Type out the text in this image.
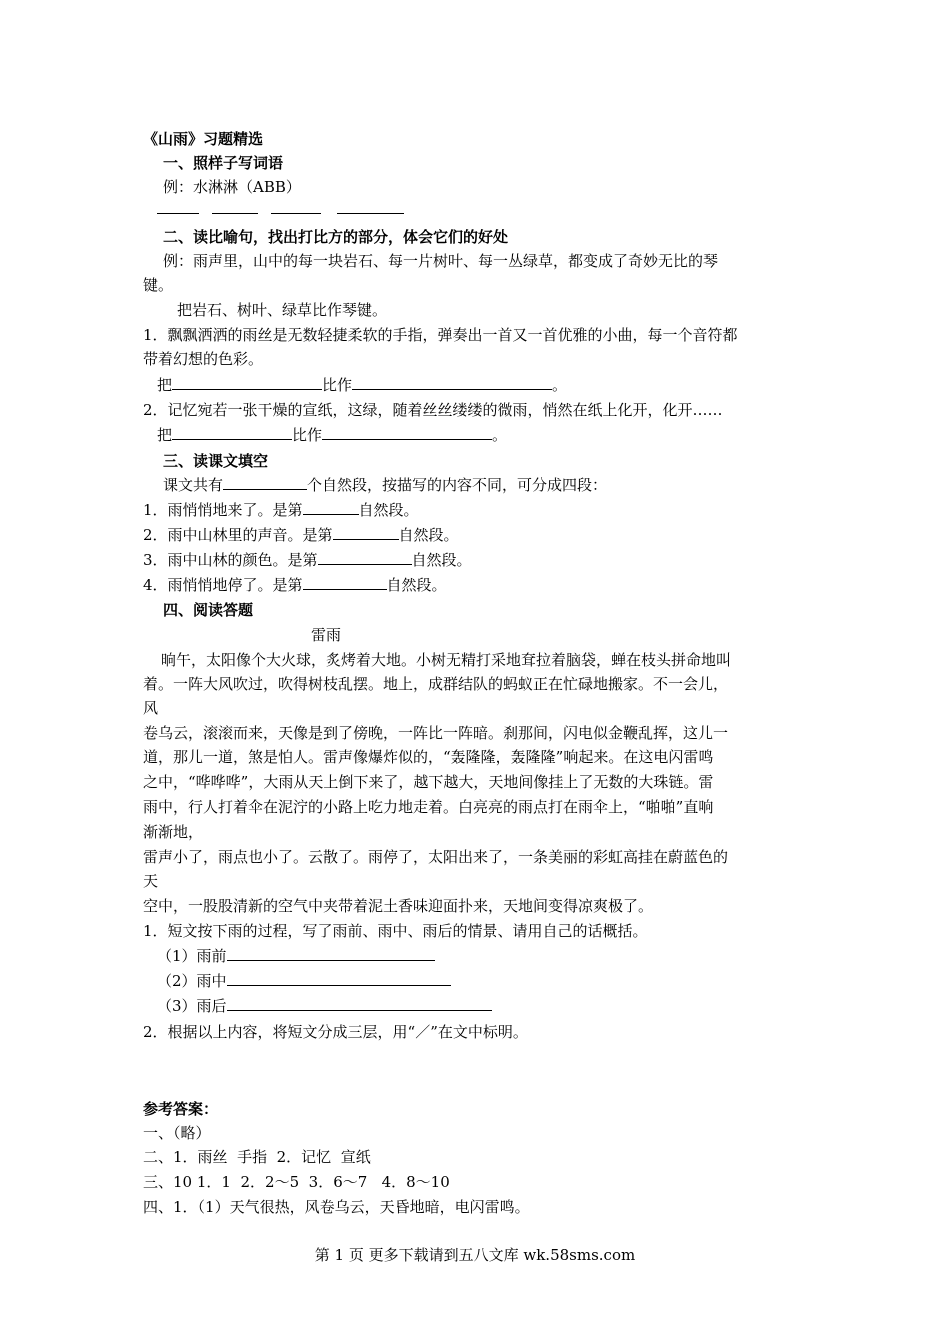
《山雨》习题精选
一、照样子写词语
例：水淋淋（ABB）
二、读比喻句，找出打比方的部分，体会它们的好处
例：雨声里，山中的每一块岩石、每一片树叶、每一丛绿草，都变成了奇妙无比的琴
键。
把岩石、树叶、绿草比作琴键。
1．飘飘洒洒的雨丝是无数轻捷柔软的手指，弹奏出一首又一首优雅的小曲，每一个音符都
带着幻想的色彩。
把	比作	。
2．记忆宛若一张干燥的宣纸，这绿，随着丝丝缕缕的微雨，悄然在纸上化开，化开……
把	比作	。
三、读课文填空
课文共有	个自然段，按描写的内容不同，可分成四段：
1．雨悄悄地来了。是第	自然段。
2．雨中山林里的声音。是第	自然段。
3．雨中山林的颜色。是第	自然段。
4．雨悄悄地停了。是第	自然段。
四、阅读答题
雷雨
晌午，太阳像个大火球，炙烤着大地。小树无精打采地耷拉着脑袋，蝉在枝头拼命地叫
着。一阵大风吹过，吹得树枝乱摆。地上，成群结队的蚂蚁正在忙碌地搬家。不一会儿，
风
卷乌云，滚滚而来，天像是到了傍晚，一阵比一阵暗。刹那间，闪电似金鞭乱挥，这儿一
道，那儿一道，煞是怕人。雷声像爆炸似的，“轰隆隆，轰隆隆”响起来。在这电闪雷鸣
之中，“哗哗哗”，大雨从天上倒下来了，越下越大，天地间像挂上了无数的大珠链。雷
雨中，行人打着伞在泥泞的小路上吃力地走着。白亮亮的雨点打在雨伞上，“啪啪”直响
渐渐地，
雷声小了，雨点也小了。云散了。雨停了，太阳出来了，一条美丽的彩虹高挂在蔚蓝色的
天
空中，一股股清新的空气中夹带着泥土香味迎面扑来，天地间变得凉爽极了。
1．短文按下雨的过程，写了雨前、雨中、雨后的情景、请用自己的话概括。
（1）雨前
（2）雨中
（3）雨后
2．根据以上内容，将短文分成三层，用“／”在文中标明。
参考答案：
一、（略）
二、1．雨丝  手指  2．记忆  宣纸
三、10 1．1  2．2～5  3．6～7   4．8～10
四、1．（1）天气很热，风卷乌云，天昏地暗，电闪雷鸣。
第 1 页 更多下载请到五八文库 wk.58sms.com
